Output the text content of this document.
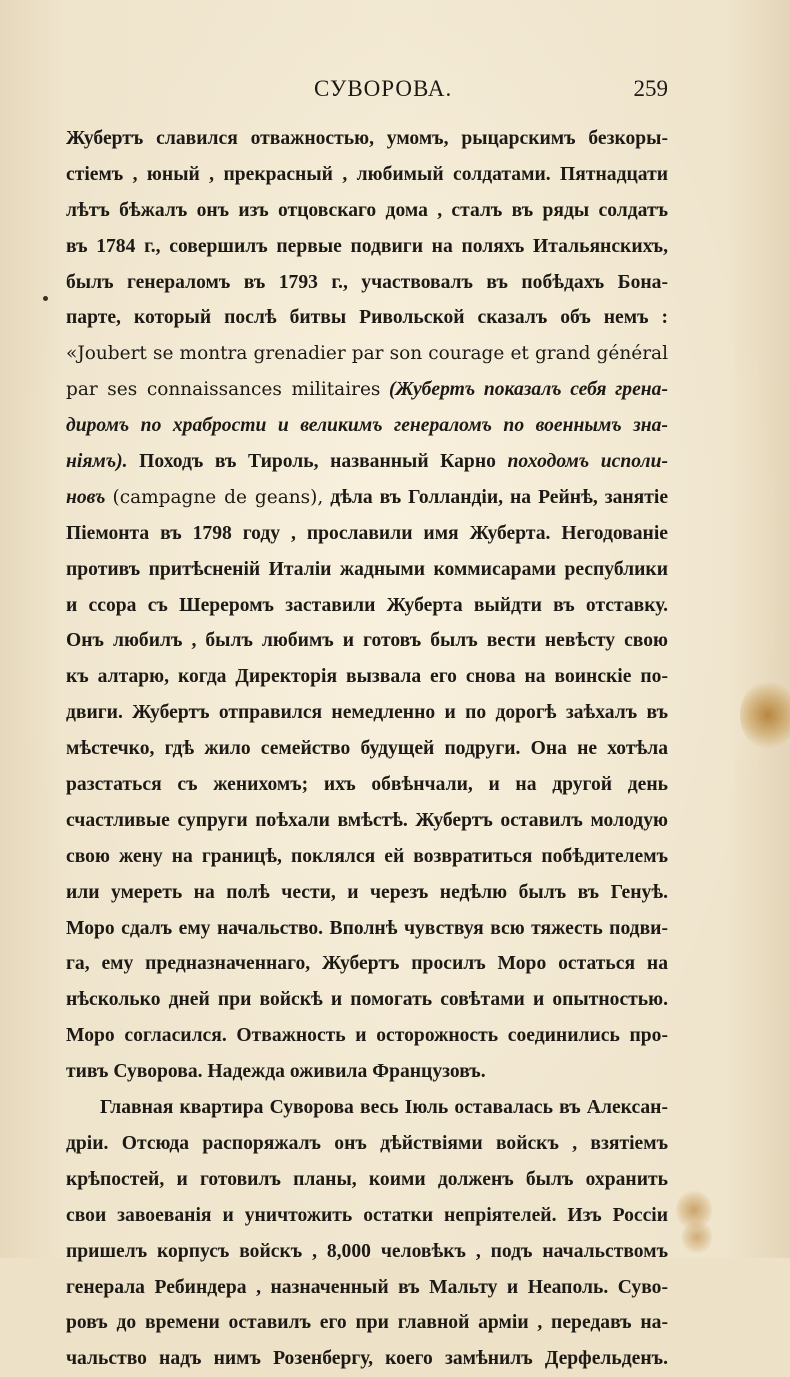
СУВОРОВА.	259
Жубертъ славился отважностью, умомъ, рыцарскимъ безкоры-
стiемъ , юный , прекрасный , любимый солдатами. Пятнадцати
лѣтъ бѣжалъ онъ изъ отцовскаго дома , сталъ въ ряды солдатъ
въ 1784 г., совершилъ первые подвиги на поляхъ Итальянскихъ,
былъ генераломъ въ 1793 г., участвовалъ въ побѣдахъ Бона-
парте, который послѣ битвы Ривольской сказалъ объ немъ :
«Joubert se montra grenadier par son courage et grand général
par ses connaissances militaires (Жубертъ показалъ себя грена-
диромъ по храбрости и великимъ генераломъ по военнымъ зна-
нiямъ). Походъ въ Тироль, названный Карно походомъ исполи-
новъ (campagne de geans), дѣла въ Голландiи, на Рейнѣ, занятiе
Пiемонта въ 1798 году , прославили имя Жуберта. Негодованiе
противъ притѣсненiй Италiи жадными коммисарами республики
и ссора съ Шереромъ заставили Жуберта выйдти въ отставку.
Онъ любилъ , былъ любимъ и готовъ былъ вести невѣсту свою
къ алтарю, когда Директорiя вызвала его снова на воинскiе по-
двиги. Жубертъ отправился немедленно и по дорогѣ заѣхалъ въ
мѣстечко, гдѣ жило семейство будущей подруги. Она не хотѣла
разстаться съ женихомъ; ихъ обвѣнчали, и на другой день
счастливые супруги поѣхали вмѣстѣ. Жубертъ оставилъ молодую
свою жену на границѣ, поклялся ей возвратиться побѣдителемъ
или умереть на полѣ чести, и черезъ недѣлю былъ въ Генуѣ.
Моро сдалъ ему начальство. Вполнѣ чувствуя всю тяжесть подви-
га, ему предназначеннаго, Жубертъ просилъ Моро остаться на
нѣсколько дней при войскѣ и помогать совѣтами и опытностью.
Моро согласился. Отважность и осторожность соединились про-
тивъ Суворова. Надежда оживила Французовъ.
Главная квартира Суворова весь Iюль оставалась въ Алексан-
дрiи. Отсюда распоряжалъ онъ дѣйствiями войскъ , взятiемъ
крѣпостей, и готовилъ планы, коими долженъ былъ охранить
свои завоеванiя и уничтожить остатки непрiятелей. Изъ Россiи
пришелъ корпусъ войскъ , 8,000 человѣкъ , подъ начальствомъ
генерала Ребиндера , назначенный въ Мальту и Неаполь. Суво-
ровъ до времени оставилъ его при главной армiи , передавъ на-
чальство надъ нимъ Розенбергу, коего замѣнилъ Дерфельденъ.
